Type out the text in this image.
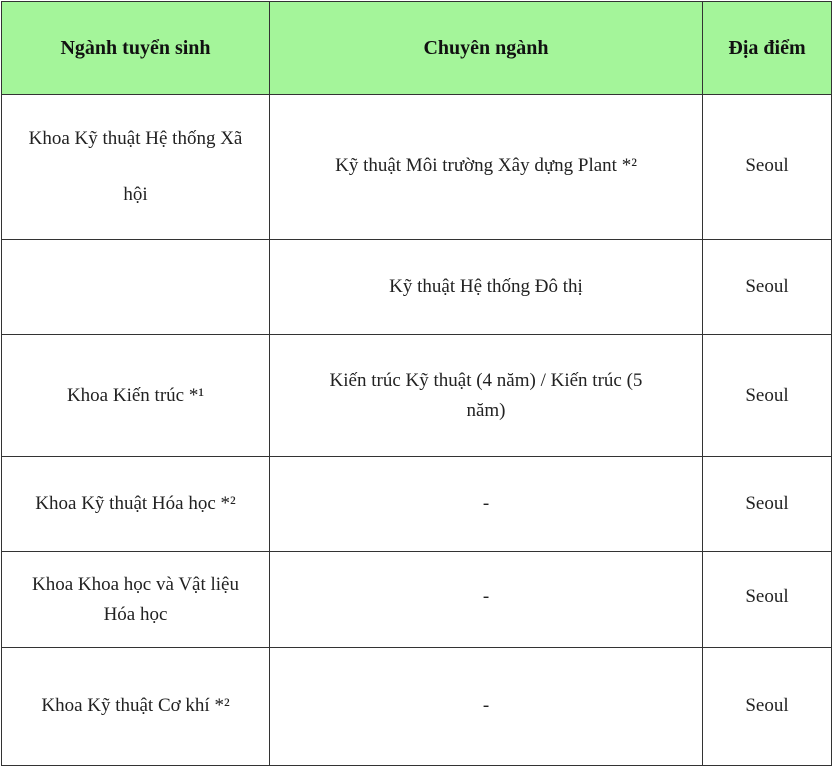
Ngành tuyển sinh	Chuyên ngành	Địa điểm
Khoa Kỹ thuật Hệ thống Xã hội	Kỹ thuật Môi trường Xây dựng Plant *²	Seoul
	Kỹ thuật Hệ thống Đô thị	Seoul
Khoa Kiến trúc *¹	Kiến trúc Kỹ thuật (4 năm) / Kiến trúc (5 năm)	Seoul
Khoa Kỹ thuật Hóa học *²	-	Seoul
Khoa Khoa học và Vật liệu Hóa học	-	Seoul
Khoa Kỹ thuật Cơ khí *²	-	Seoul
